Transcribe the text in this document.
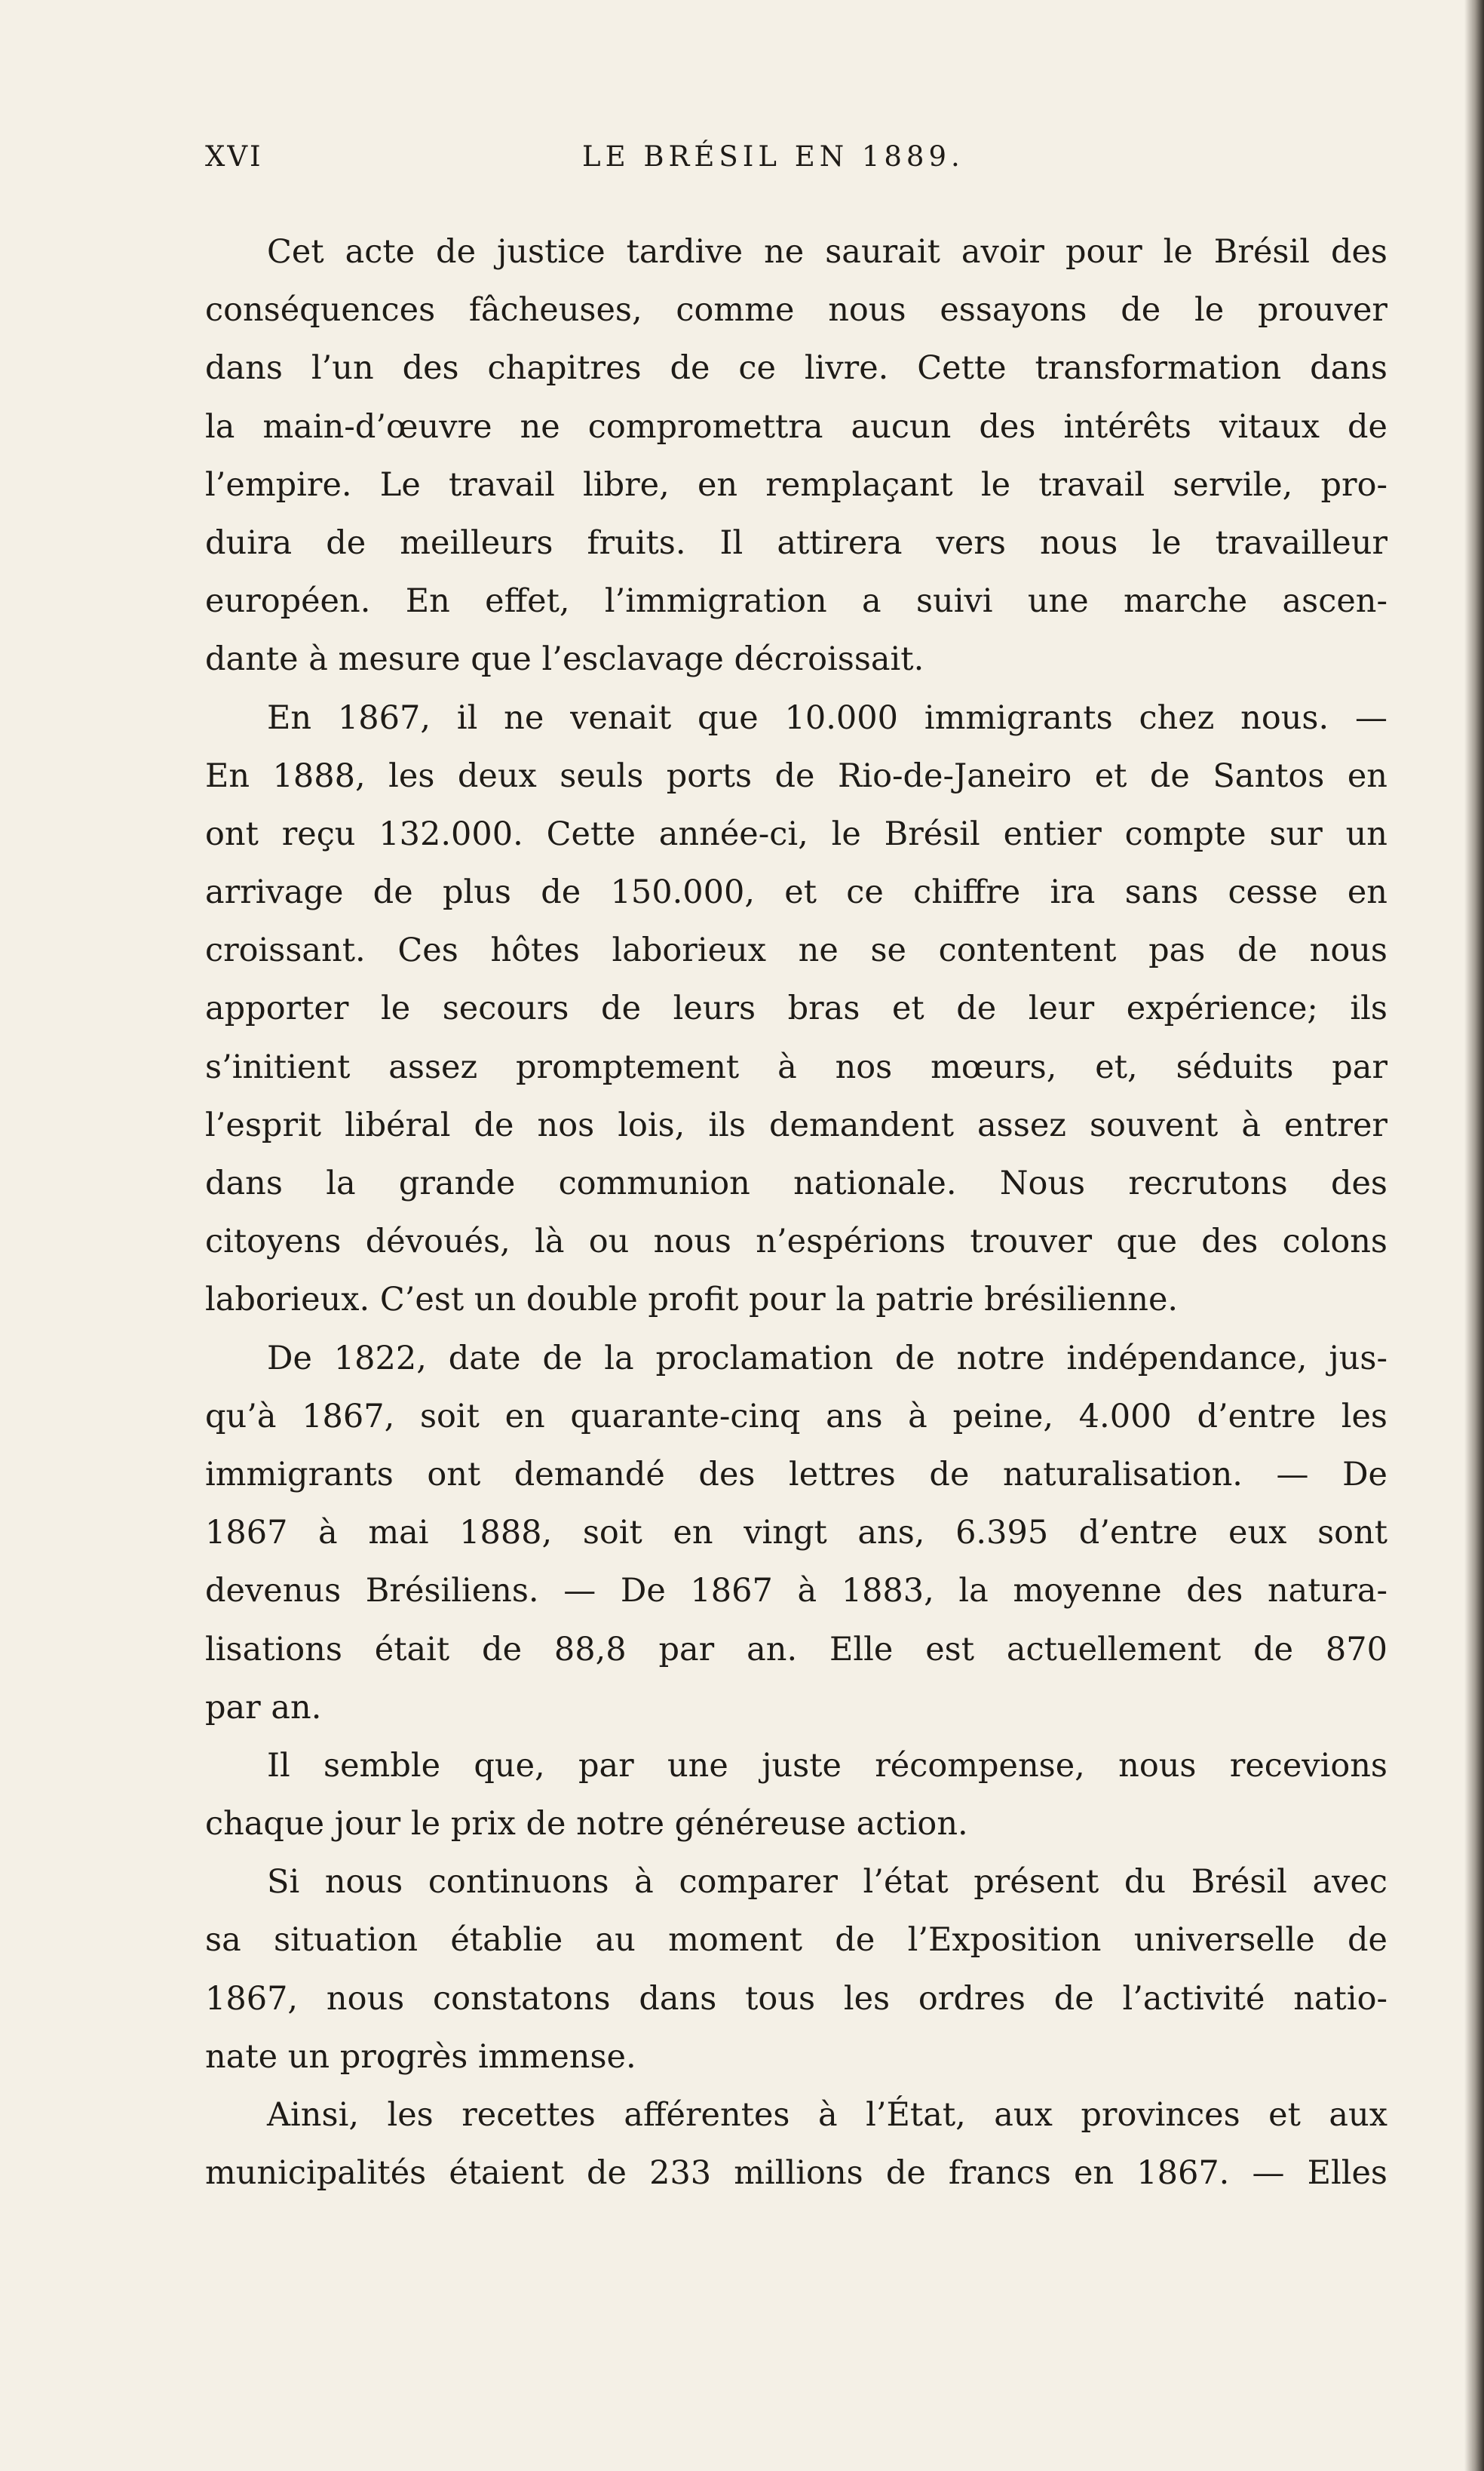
XVI	LE BRÉSIL EN 1889.
Cet acte de justice tardive ne saurait avoir pour le Brésil des
conséquences fâcheuses, comme nous essayons de le prouver
dans l’un des chapitres de ce livre. Cette transformation dans
la main-d’œuvre ne compromettra aucun des intérêts vitaux de
l’empire. Le travail libre, en remplaçant le travail servile, pro-
duira de meilleurs fruits. Il attirera vers nous le travailleur
européen. En effet, l’immigration a suivi une marche ascen-
dante à mesure que l’esclavage décroissait.
En 1867, il ne venait que 10.000 immigrants chez nous. —
En 1888, les deux seuls ports de Rio-de-Janeiro et de Santos en
ont reçu 132.000. Cette année-ci, le Brésil entier compte sur un
arrivage de plus de 150.000, et ce chiffre ira sans cesse en
croissant. Ces hôtes laborieux ne se contentent pas de nous
apporter le secours de leurs bras et de leur expérience; ils
s’initient assez promptement à nos mœurs, et, séduits par
l’esprit libéral de nos lois, ils demandent assez souvent à entrer
dans la grande communion nationale. Nous recrutons des
citoyens dévoués, là ou nous n’espérions trouver que des colons
laborieux. C’est un double profit pour la patrie brésilienne.
De 1822, date de la proclamation de notre indépendance, jus-
qu’à 1867, soit en quarante-cinq ans à peine, 4.000 d’entre les
immigrants ont demandé des lettres de naturalisation. — De
1867 à mai 1888, soit en vingt ans, 6.395 d’entre eux sont
devenus Brésiliens. — De 1867 à 1883, la moyenne des natura-
lisations était de 88,8 par an. Elle est actuellement de 870
par an.
Il semble que, par une juste récompense, nous recevions
chaque jour le prix de notre généreuse action.
Si nous continuons à comparer l’état présent du Brésil avec
sa situation établie au moment de l’Exposition universelle de
1867, nous constatons dans tous les ordres de l’activité natio-
nate un progrès immense.
Ainsi, les recettes afférentes à l’État, aux provinces et aux
municipalités étaient de 233 millions de francs en 1867. — Elles
